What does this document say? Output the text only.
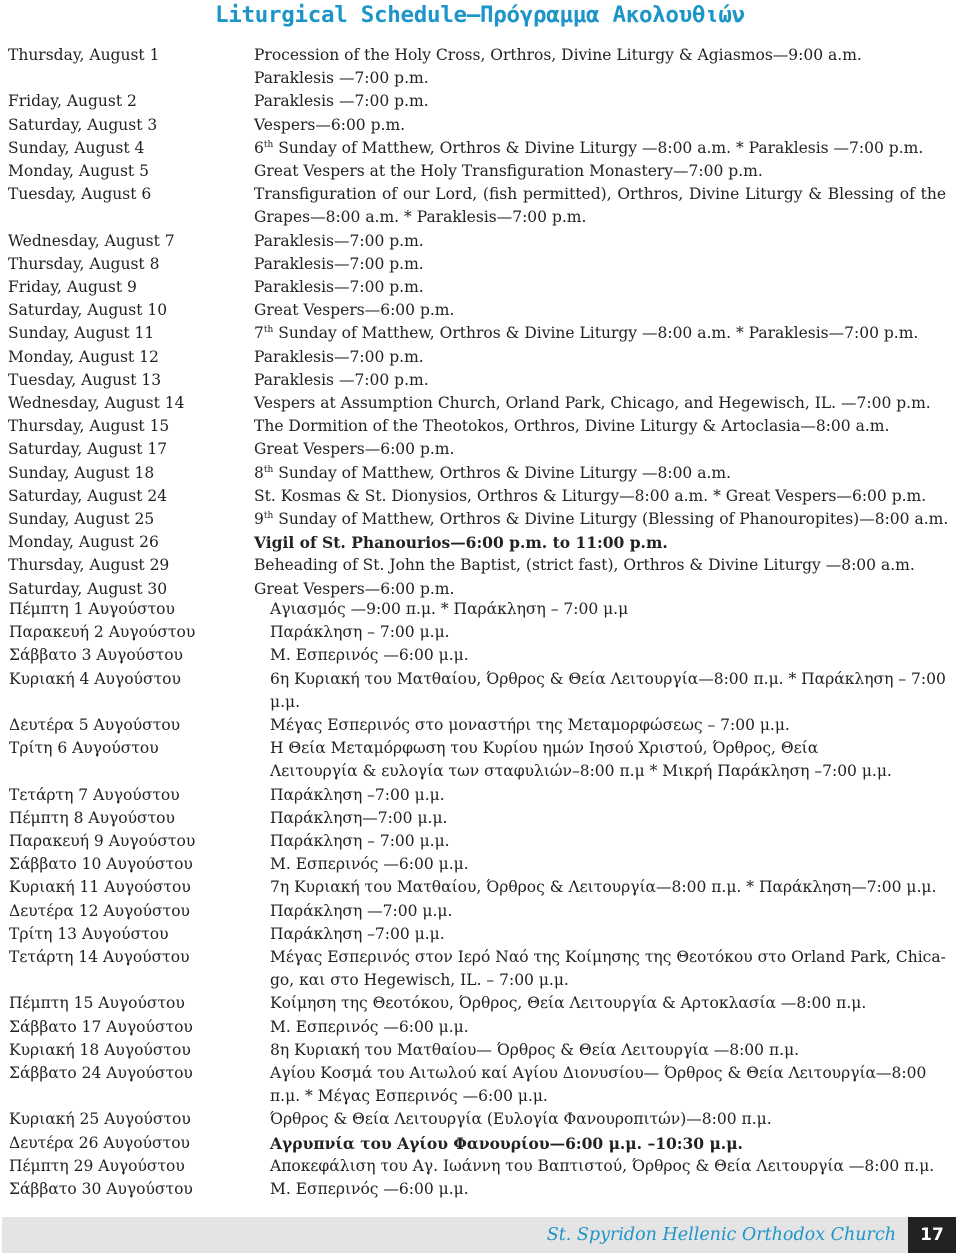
Liturgical Schedule—Πρόγραμμα Ακολουθιών
Thursday, August 1	Procession of the Holy Cross, Orthros, Divine Liturgy & Agiasmos—9:00 a.m.
Paraklesis —7:00 p.m.
Friday, August 2	Paraklesis —7:00 p.m.
Saturday, August 3	Vespers—6:00 p.m.
Sunday, August 4	6th Sunday of Matthew, Orthros & Divine Liturgy —8:00 a.m. * Paraklesis —7:00 p.m.
Monday, August 5	Great Vespers at the Holy Transfiguration Monastery—7:00 p.m.
Tuesday, August 6	Transfiguration of our Lord, (fish permitted), Orthros, Divine Liturgy & Blessing of the
Grapes—8:00 a.m. * Paraklesis—7:00 p.m.
Wednesday, August 7	Paraklesis—7:00 p.m.
Thursday, August 8	Paraklesis—7:00 p.m.
Friday, August 9	Paraklesis—7:00 p.m.
Saturday, August 10	Great Vespers—6:00 p.m.
Sunday, August 11	7th Sunday of Matthew, Orthros & Divine Liturgy —8:00 a.m. * Paraklesis—7:00 p.m.
Monday, August 12	Paraklesis—7:00 p.m.
Tuesday, August 13	Paraklesis —7:00 p.m.
Wednesday, August 14	Vespers at Assumption Church, Orland Park, Chicago, and Hegewisch, IL. —7:00 p.m.
Thursday, August 15	The Dormition of the Theotokos, Orthros, Divine Liturgy & Artoclasia—8:00 a.m.
Saturday, August 17	Great Vespers—6:00 p.m.
Sunday, August 18	8th Sunday of Matthew, Orthros & Divine Liturgy —8:00 a.m.
Saturday, August 24	St. Kosmas & St. Dionysios, Orthros & Liturgy—8:00 a.m. * Great Vespers—6:00 p.m.
Sunday, August 25	9th Sunday of Matthew, Orthros & Divine Liturgy (Blessing of Phanouropites)—8:00 a.m.
Monday, August 26	Vigil of St. Phanourios—6:00 p.m. to 11:00 p.m.
Thursday, August 29	Beheading of St. John the Baptist, (strict fast), Orthros & Divine Liturgy —8:00 a.m.
Saturday, August 30	Great Vespers—6:00 p.m.
Πέμπτη 1 Αυγούστου	Αγιασμός —9:00 π.μ. * Παράκληση – 7:00 μ.μ
Παρακευή 2 Αυγούστου	Παράκληση – 7:00 μ.μ.
Σάββατο 3 Αυγούστου	Μ. Εσπερινός —6:00 μ.μ.
Κυριακή 4 Αυγούστου	6η Κυριακή του Ματθαίου, Όρθρος & Θεία Λειτουργία—8:00 π.μ. * Παράκληση – 7:00
μ.μ.
Δευτέρα 5 Αυγούστου	Μέγας Εσπερινός στο μοναστήρι της Μεταμορφώσεως – 7:00 μ.μ.
Τρίτη 6 Αυγούστου	Η Θεία Μεταμόρφωση του Κυρίου ημών Ιησού Χριστού, Όρθρος, Θεία
Λειτουργία & ευλογία των σταφυλιών–8:00 π.μ * Μικρή Παράκληση –7:00 μ.μ.
Τετάρτη 7 Αυγούστου	Παράκληση –7:00 μ.μ.
Πέμπτη 8 Αυγούστου	Παράκληση—7:00 μ.μ.
Παρακευή 9 Αυγούστου	Παράκληση – 7:00 μ.μ.
Σάββατο 10 Αυγούστου	Μ. Εσπερινός —6:00 μ.μ.
Κυριακή 11 Αυγούστου	7η Κυριακή του Ματθαίου, Όρθρος & Λειτουργία—8:00 π.μ. * Παράκληση—7:00 μ.μ.
Δευτέρα 12 Αυγούστου	Παράκληση —7:00 μ.μ.
Τρίτη 13 Αυγούστου	Παράκληση –7:00 μ.μ.
Τετάρτη 14 Αυγούστου	Μέγας Εσπερινός στον Ιερό Ναό της Κοίμησης της Θεοτόκου στο Orland Park, Chica-
go, και στο Hegewisch, IL. – 7:00 μ.μ.
Πέμπτη 15 Αυγούστου	Κοίμηση της Θεοτόκου, Όρθρος, Θεία Λειτουργία & Αρτοκλασία —8:00 π.μ.
Σάββατο 17 Αυγούστου	Μ. Εσπερινός —6:00 μ.μ.
Κυριακή 18 Αυγούστου	8η Κυριακή του Ματθαίου— Όρθρος & Θεία Λειτουργία —8:00 π.μ.
Σάββατο 24 Αυγούστου	Αγίου Κοσμά του Αιτωλού καί Αγίου Διονυσίου— Όρθρος & Θεία Λειτουργία—8:00
π.μ. * Μέγας Εσπερινός —6:00 μ.μ.
Κυριακή 25 Αυγούστου	Όρθρος & Θεία Λειτουργία (Ευλογία Φανουροπιτών)—8:00 π.μ.
Δευτέρα 26 Αυγούστου	Αγρυπνία του Αγίου Φανουρίου—6:00 μ.μ. –10:30 μ.μ.
Πέμπτη 29 Αυγούστου	Αποκεφάλιση του Αγ. Ιωάννη του Βαπτιστού, Όρθρος & Θεία Λειτουργία —8:00 π.μ.
Σάββατο 30 Αυγούστου	Μ. Εσπερινός —6:00 μ.μ.
St. Spyridon Hellenic Orthodox Church	17
